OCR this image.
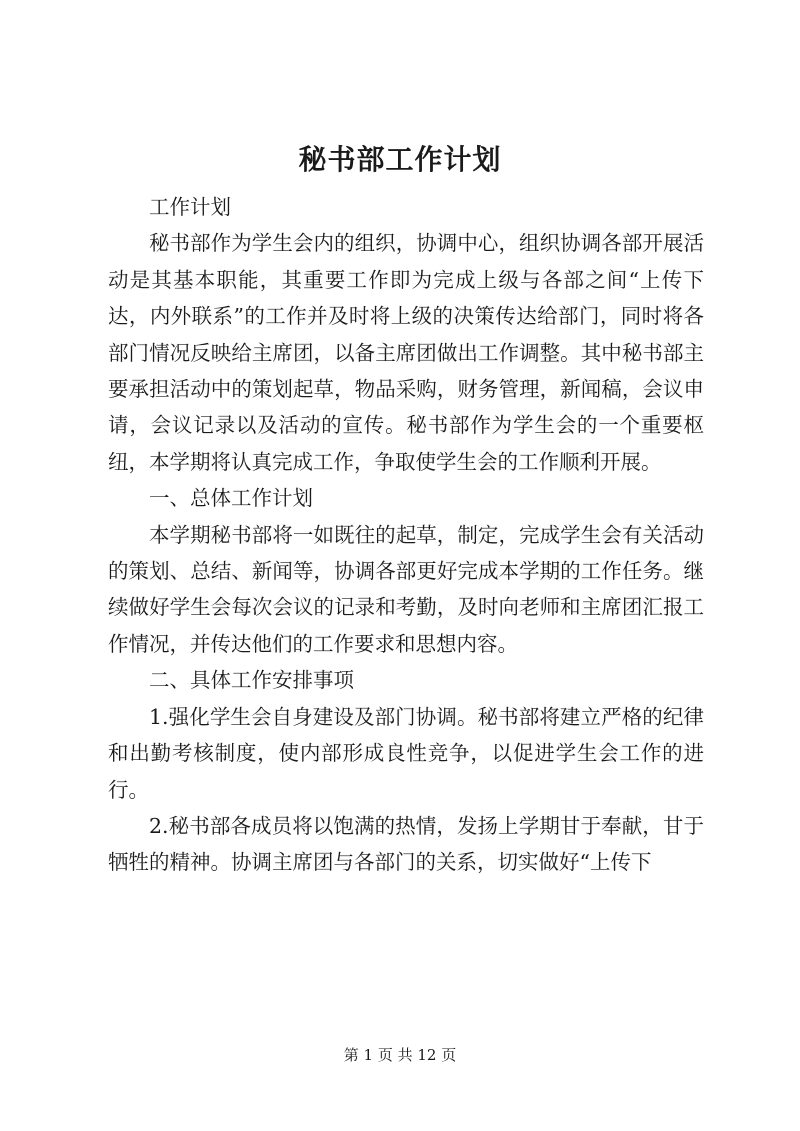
秘书部工作计划

工作计划

秘书部作为学生会内的组织，协调中心，组织协调各部开展活动是其基本职能，其重要工作即为完成上级与各部之间“上传下达，内外联系”的工作并及时将上级的决策传达给部门，同时将各部门情况反映给主席团，以备主席团做出工作调整。其中秘书部主要承担活动中的策划起草，物品采购，财务管理，新闻稿，会议申请，会议记录以及活动的宣传。秘书部作为学生会的一个重要枢纽，本学期将认真完成工作，争取使学生会的工作顺利开展。

一、总体工作计划

本学期秘书部将一如既往的起草，制定，完成学生会有关活动的策划、总结、新闻等，协调各部更好完成本学期的工作任务。继续做好学生会每次会议的记录和考勤，及时向老师和主席团汇报工作情况，并传达他们的工作要求和思想内容。

二、具体工作安排事项

1.强化学生会自身建设及部门协调。秘书部将建立严格的纪律和出勤考核制度，使内部形成良性竞争，以促进学生会工作的进行。

2.秘书部各成员将以饱满的热情，发扬上学期甘于奉献，甘于牺牲的精神。协调主席团与各部门的关系，切实做好“上传下

第 1 页 共 12 页
